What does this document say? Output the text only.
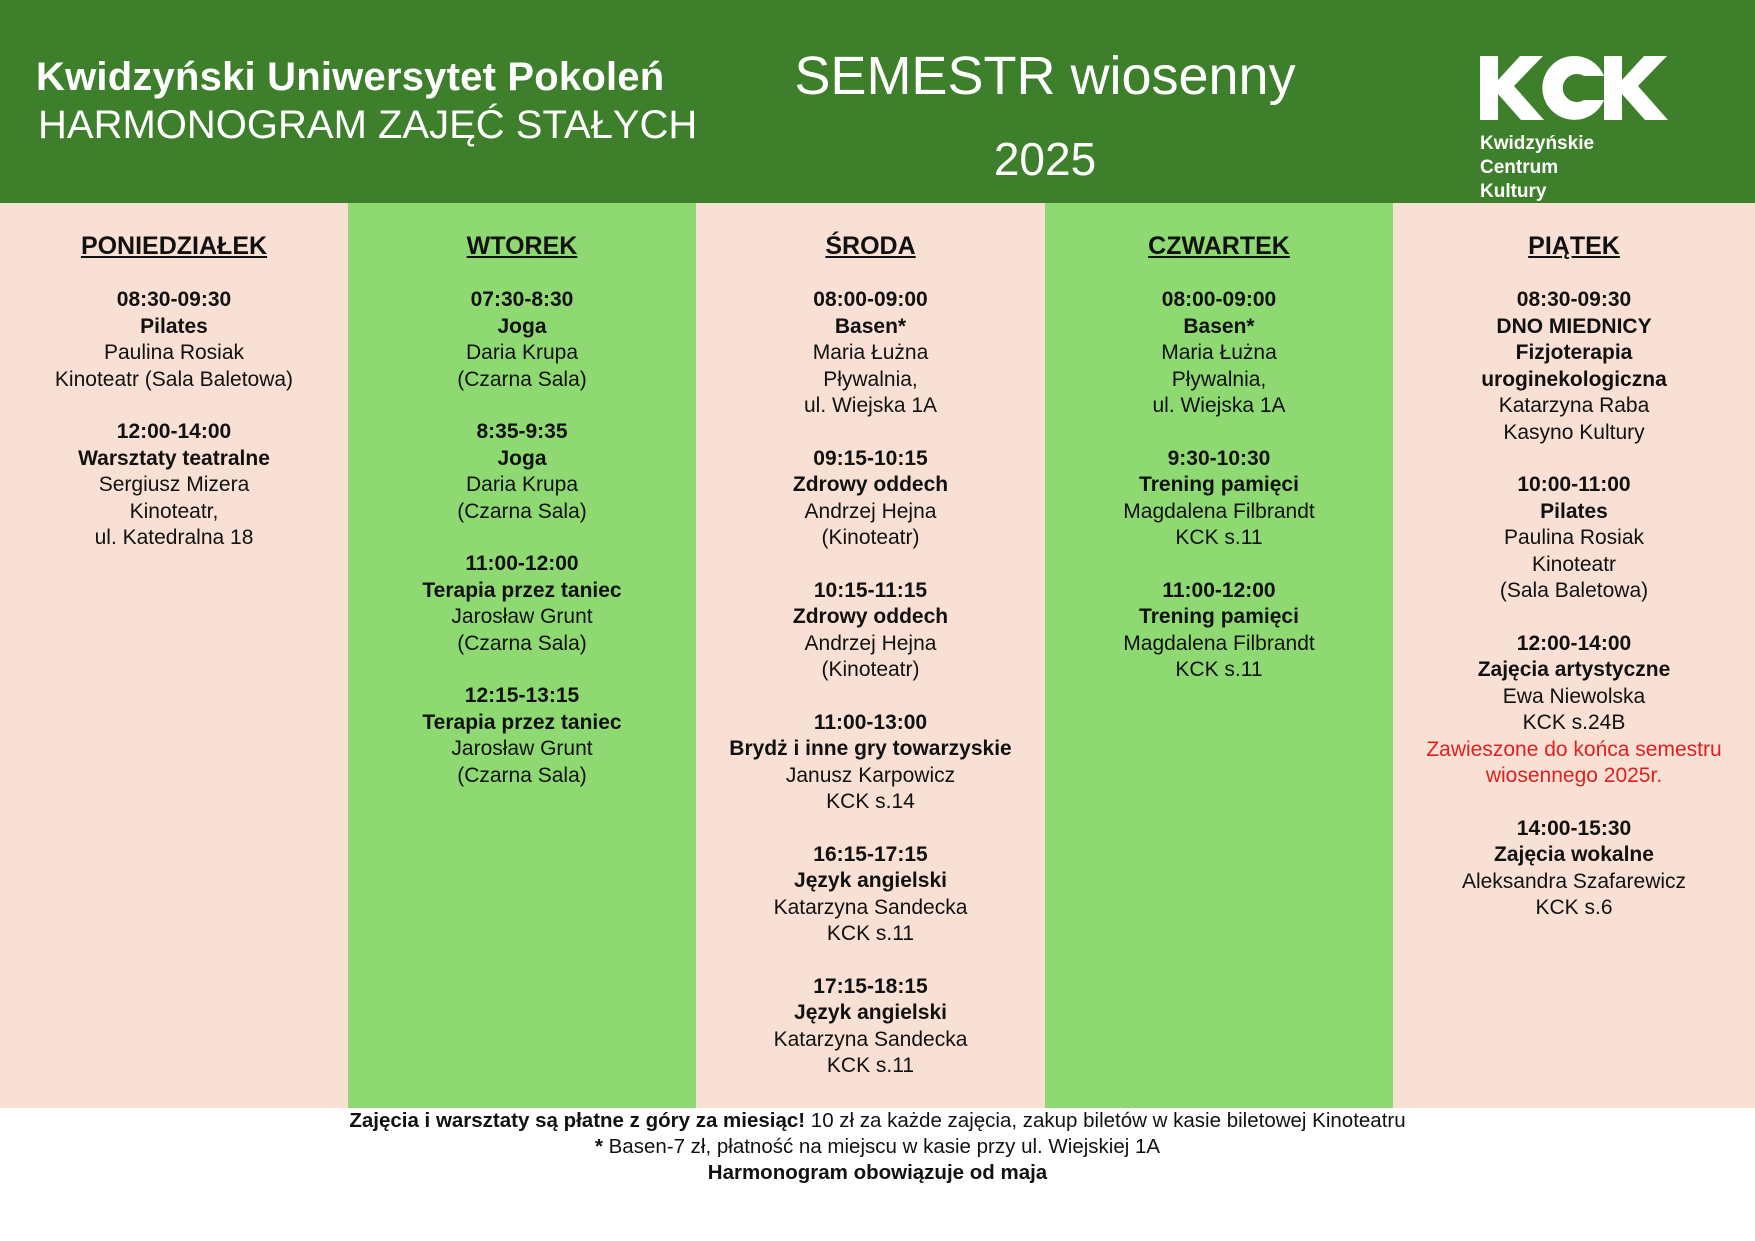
Kwidzyński Uniwersytet Pokoleń
HARMONOGRAM ZAJĘĆ STAŁYCH
SEMESTR wiosenny
2025	Kwidzyńskie
Centrum
Kultury
PONIEDZIAŁEK
08:30-09:30
Pilates
Paulina Rosiak
Kinoteatr (Sala Baletowa)
12:00-14:00
Warsztaty teatralne
Sergiusz Mizera
Kinoteatr,
ul. Katedralna 18
WTOREK
07:30-8:30
Joga
Daria Krupa
(Czarna Sala)
8:35-9:35
Joga
Daria Krupa
(Czarna Sala)
11:00-12:00
Terapia przez taniec
Jarosław Grunt
(Czarna Sala)
12:15-13:15
Terapia przez taniec
Jarosław Grunt
(Czarna Sala)
ŚRODA
08:00-09:00
Basen*
Maria Łużna
Pływalnia,
ul. Wiejska 1A
09:15-10:15
Zdrowy oddech
Andrzej Hejna
(Kinoteatr)
10:15-11:15
Zdrowy oddech
Andrzej Hejna
(Kinoteatr)
11:00-13:00
Brydż i inne gry towarzyskie
Janusz Karpowicz
KCK s.14
16:15-17:15
Język angielski
Katarzyna Sandecka
KCK s.11
17:15-18:15
Język angielski
Katarzyna Sandecka
KCK s.11
CZWARTEK
08:00-09:00
Basen*
Maria Łużna
Pływalnia,
ul. Wiejska 1A
9:30-10:30
Trening pamięci
Magdalena Filbrandt
KCK s.11
11:00-12:00
Trening pamięci
Magdalena Filbrandt
KCK s.11
PIĄTEK
08:30-09:30
DNO MIEDNICY
Fizjoterapia
uroginekologiczna
Katarzyna Raba
Kasyno Kultury
10:00-11:00
Pilates
Paulina Rosiak
Kinoteatr
(Sala Baletowa)
12:00-14:00
Zajęcia artystyczne
Ewa Niewolska
KCK s.24B
Zawieszone do końca semestru
wiosennego 2025r.
14:00-15:30
Zajęcia wokalne
Aleksandra Szafarewicz
KCK s.6
Zajęcia i warsztaty są płatne z góry za miesiąc! 10 zł za każde zajęcia, zakup biletów w kasie biletowej Kinoteatru
* Basen-7 zł, płatność na miejscu w kasie przy ul. Wiejskiej 1A
Harmonogram obowiązuje od maja
